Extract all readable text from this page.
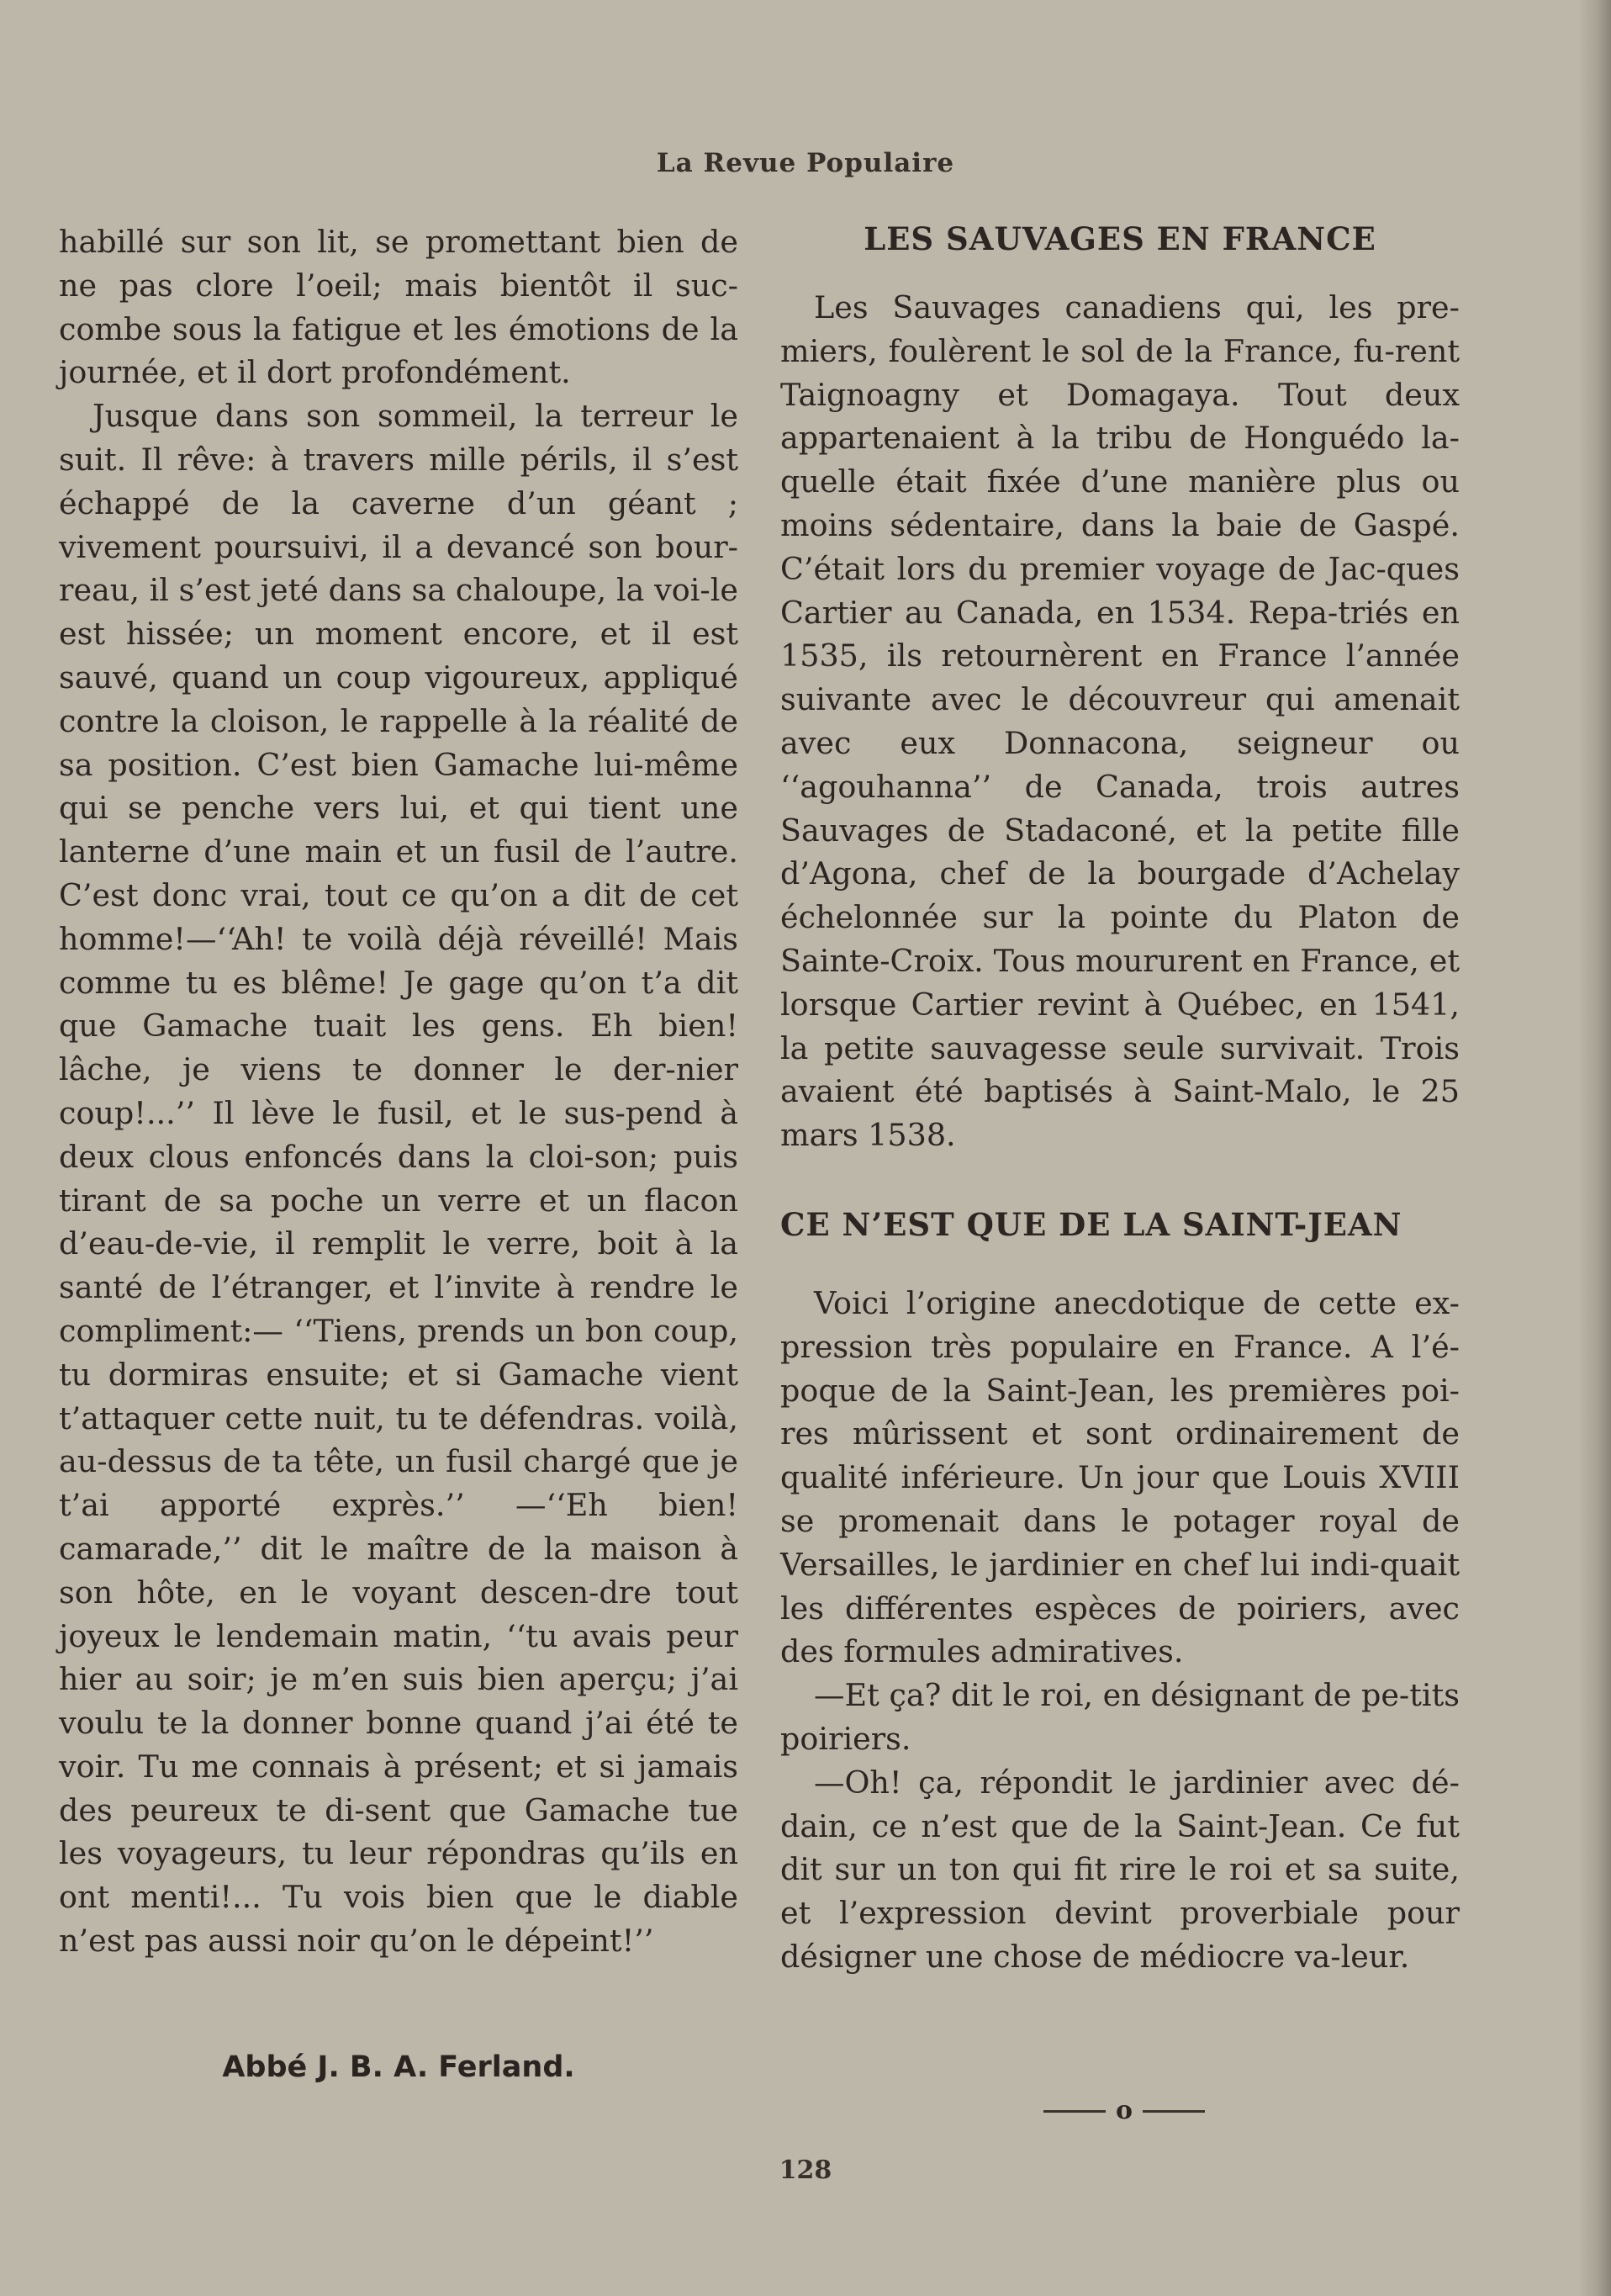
La Revue Populaire

habillé sur son lit, se promettant bien de ne pas clore l’oeil; mais bientôt il suc-combe sous la fatigue et les émotions de la journée, et il dort profondément.

Jusque dans son sommeil, la terreur le suit. Il rêve: à travers mille périls, il s’est échappé de la caverne d’un géant ; vivement poursuivi, il a devancé son bour-reau, il s’est jeté dans sa chaloupe, la voi-le est hissée; un moment encore, et il est sauvé, quand un coup vigoureux, appliqué contre la cloison, le rappelle à la réalité de sa position. C’est bien Gamache lui-même qui se penche vers lui, et qui tient une lanterne d’une main et un fusil de l’autre. C’est donc vrai, tout ce qu’on a dit de cet homme!—‘‘Ah! te voilà déjà réveillé! Mais comme tu es blême! Je gage qu’on t’a dit que Gamache tuait les gens. Eh bien! lâche, je viens te donner le der-nier coup!...’’ Il lève le fusil, et le sus-pend à deux clous enfoncés dans la cloi-son; puis tirant de sa poche un verre et un flacon d’eau-de-vie, il remplit le verre, boit à la santé de l’étranger, et l’invite à rendre le compliment:— ‘‘Tiens, prends un bon coup, tu dormiras ensuite; et si Gamache vient t’attaquer cette nuit, tu te défendras. voilà, au-dessus de ta tête, un fusil chargé que je t’ai apporté exprès.’’ —‘‘Eh bien! camarade,’’ dit le maître de la maison à son hôte, en le voyant descen-dre tout joyeux le lendemain matin, ‘‘tu avais peur hier au soir; je m’en suis bien aperçu; j’ai voulu te la donner bonne quand j’ai été te voir. Tu me connais à présent; et si jamais des peureux te di-sent que Gamache tue les voyageurs, tu leur répondras qu’ils en ont menti!... Tu vois bien que le diable n’est pas aussi noir qu’on le dépeint!’’

Abbé J. B. A. Ferland.
LES SAUVAGES EN FRANCE

Les Sauvages canadiens qui, les pre-miers, foulèrent le sol de la France, fu-rent Taignoagny et Domagaya. Tout deux appartenaient à la tribu de Honguédo la-quelle était fixée d’une manière plus ou moins sédentaire, dans la baie de Gaspé. C’était lors du premier voyage de Jac-ques Cartier au Canada, en 1534. Repa-triés en 1535, ils retournèrent en France l’année suivante avec le découvreur qui amenait avec eux Donnacona, seigneur ou ‘‘agouhanna’’ de Canada, trois autres Sauvages de Stadaconé, et la petite fille d’Agona, chef de la bourgade d’Achelay échelonnée sur la pointe du Platon de Sainte-Croix. Tous moururent en France, et lorsque Cartier revint à Québec, en 1541, la petite sauvagesse seule survivait. Trois avaient été baptisés à Saint-Malo, le 25 mars 1538.

CE N’EST QUE DE LA SAINT-JEAN

Voici l’origine anecdotique de cette ex-pression très populaire en France. A l’é-poque de la Saint-Jean, les premières poi-res mûrissent et sont ordinairement de qualité inférieure. Un jour que Louis XVIII se promenait dans le potager royal de Versailles, le jardinier en chef lui indi-quait les différentes espèces de poiriers, avec des formules admiratives.

—Et ça? dit le roi, en désignant de pe-tits poiriers.

—Oh! ça, répondit le jardinier avec dé-dain, ce n’est que de la Saint-Jean. Ce fut dit sur un ton qui fit rire le roi et sa suite, et l’expression devint proverbiale pour désigner une chose de médiocre va-leur.

o
128
